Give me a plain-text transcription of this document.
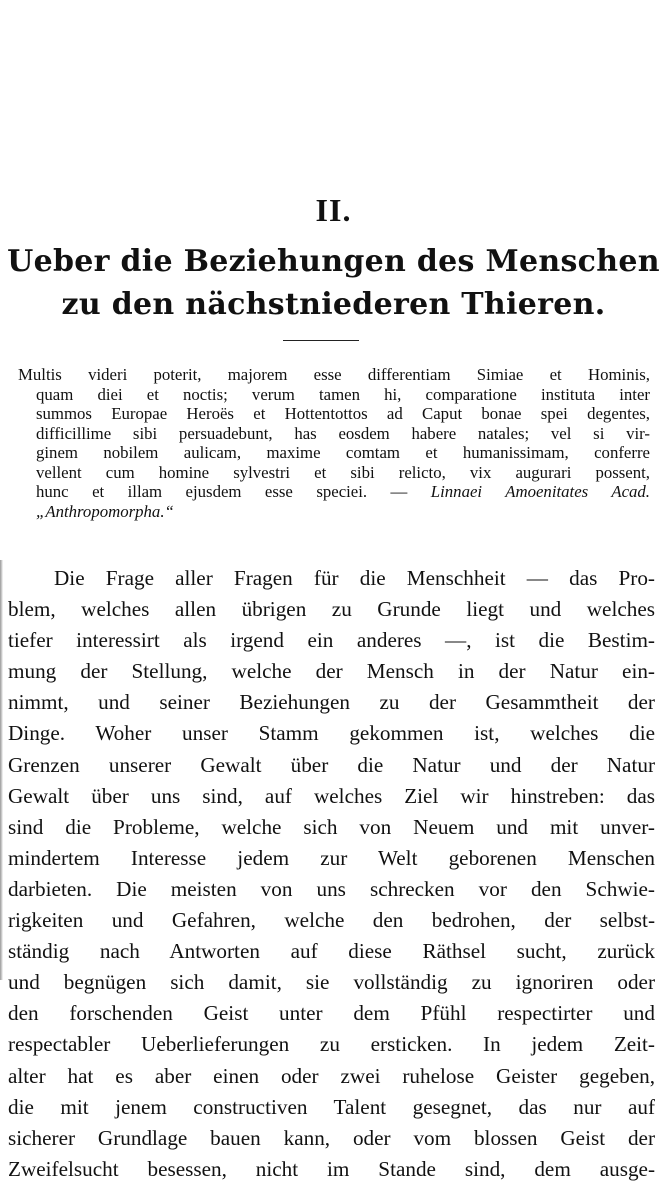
II.
Ueber die Beziehungen des Menschen
zu den nächstniederen Thieren.
Multis videri poterit, majorem esse differentiam Simiae et Hominis,
quam diei et noctis; verum tamen hi, comparatione instituta inter
summos Europae Heroës et Hottentottos ad Caput bonae spei degentes,
difficillime sibi persuadebunt, has eosdem habere natales; vel si vir-
ginem nobilem aulicam, maxime comtam et humanissimam, conferre
vellent cum homine sylvestri et sibi relicto, vix augurari possent,
hunc et illam ejusdem esse speciei. — Linnaei Amoenitates Acad.
„Anthropomorpha.“
Die Frage aller Fragen für die Menschheit — das Pro-
blem, welches allen übrigen zu Grunde liegt und welches
tiefer interessirt als irgend ein anderes —, ist die Bestim-
mung der Stellung, welche der Mensch in der Natur ein-
nimmt, und seiner Beziehungen zu der Gesammtheit der
Dinge. Woher unser Stamm gekommen ist, welches die
Grenzen unserer Gewalt über die Natur und der Natur
Gewalt über uns sind, auf welches Ziel wir hinstreben: das
sind die Probleme, welche sich von Neuem und mit unver-
mindertem Interesse jedem zur Welt geborenen Menschen
darbieten. Die meisten von uns schrecken vor den Schwie-
rigkeiten und Gefahren, welche den bedrohen, der selbst-
ständig nach Antworten auf diese Räthsel sucht, zurück
und begnügen sich damit, sie vollständig zu ignoriren oder
den forschenden Geist unter dem Pfühl respectirter und
respectabler Ueberlieferungen zu ersticken. In jedem Zeit-
alter hat es aber einen oder zwei ruhelose Geister gegeben,
die mit jenem constructiven Talent gesegnet, das nur auf
sicherer Grundlage bauen kann, oder vom blossen Geist der
Zweifelsucht besessen, nicht im Stande sind, dem ausge-
